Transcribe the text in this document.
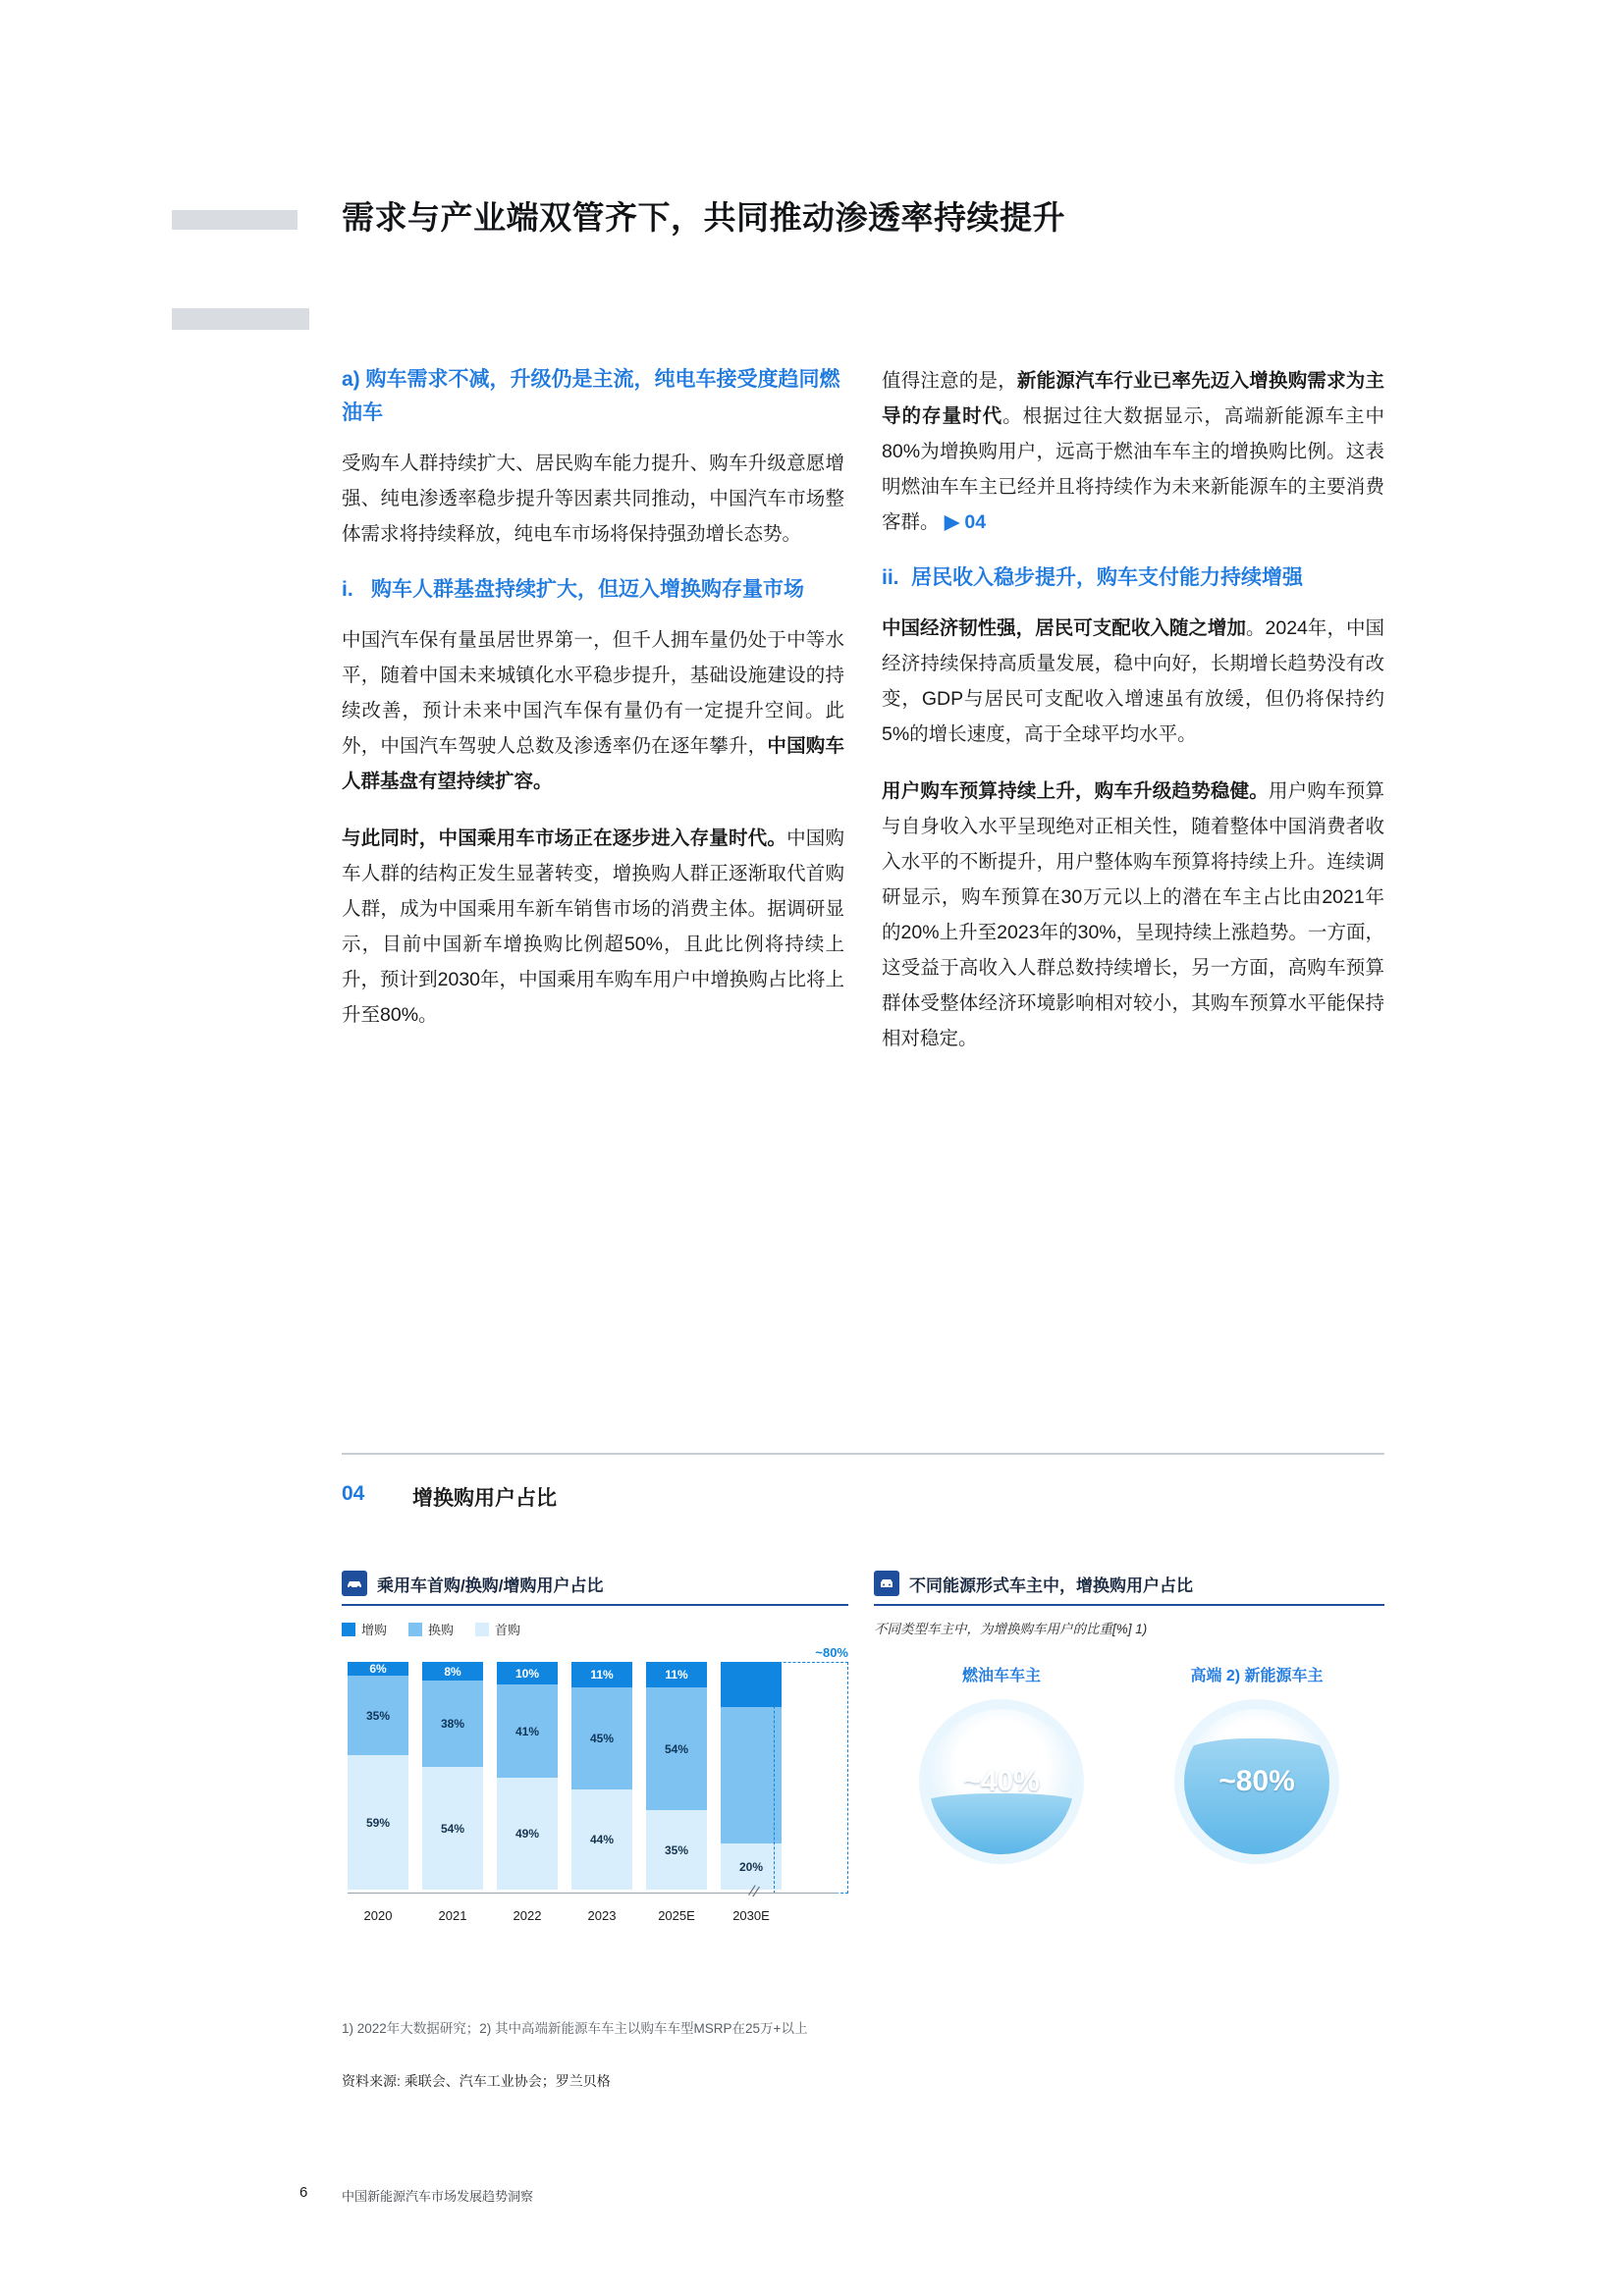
需求与产业端双管齐下，共同推动渗透率持续提升
a) 购车需求不减，升级仍是主流，纯电车接受度趋同燃油车

受购车人群持续扩大、居民购车能力提升、购车升级意愿增强、纯电渗透率稳步提升等因素共同推动，中国汽车市场整体需求将持续释放，纯电车市场将保持强劲增长态势。

i. 购车人群基盘持续扩大，但迈入增换购存量市场

中国汽车保有量虽居世界第一，但千人拥车量仍处于中等水平，随着中国未来城镇化水平稳步提升，基础设施建设的持续改善，预计未来中国汽车保有量仍有一定提升空间。此外，中国汽车驾驶人总数及渗透率仍在逐年攀升，中国购车人群基盘有望持续扩容。

与此同时，中国乘用车市场正在逐步进入存量时代。中国购车人群的结构正发生显著转变，增换购人群正逐渐取代首购人群，成为中国乘用车新车销售市场的消费主体。据调研显示，目前中国新车增换购比例超50%，且此比例将持续上升，预计到2030年，中国乘用车购车用户中增换购占比将上升至80%。

值得注意的是，新能源汽车行业已率先迈入增换购需求为主导的存量时代。根据过往大数据显示，高端新能源车主中80%为增换购用户，远高于燃油车车主的增换购比例。这表明燃油车车主已经并且将持续作为未来新能源车的主要消费客群。 ▶ 04

ii. 居民收入稳步提升，购车支付能力持续增强

中国经济韧性强，居民可支配收入随之增加。2024年，中国经济持续保持高质量发展，稳中向好，长期增长趋势没有改变，GDP与居民可支配收入增速虽有放缓，但仍将保持约5%的增长速度，高于全球平均水平。

用户购车预算持续上升，购车升级趋势稳健。用户购车预算与自身收入水平呈现绝对正相关性，随着整体中国消费者收入水平的不断提升，用户整体购车预算将持续上升。连续调研显示，购车预算在30万元以上的潜在车主占比由2021年的20%上升至2023年的30%，呈现持续上涨趋势。一方面，这受益于高收入人群总数持续增长，另一方面，高购车预算群体受整体经济环境影响相对较小，其购车预算水平能保持相对稳定。

04 增换购用户占比
乘用车首购/换购/增购用户占比
增购	换购	首购
~80%
6%
35%
59%
8%
38%
54%
10%
41%
49%
11%
45%
44%
11%
54%
35%
20%
//
2020	2021	2022	2023	2025E	2030E
不同能源形式车主中，增换购用户占比
不同类型车主中，为增换购车用户的比重[%] 1)
燃油车车主
~40%
高端 2) 新能源车主
~80%
1) 2022年大数据研究；2) 其中高端新能源车车主以购车车型MSRP在25万+以上
资料来源: 乘联会、汽车工业协会；罗兰贝格
6	中国新能源汽车市场发展趋势洞察
